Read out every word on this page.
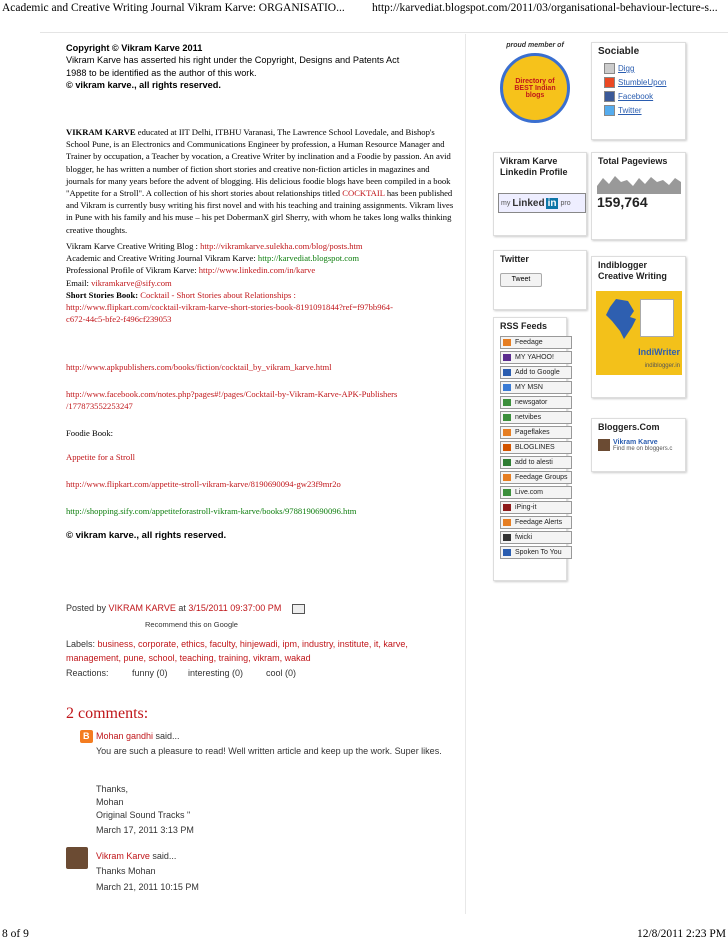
Academic and Creative Writing Journal Vikram Karve: ORGANISATIO... http://karvediat.blogspot.com/2011/03/organisational-behaviour-lecture-s...
Copyright © Vikram Karve 2011
Vikram Karve has asserted his right under the Copyright, Designs and Patents Act
1988 to be identified as the author of this work.
© vikram karve., all rights reserved.
VIKRAM KARVE educated at IIT Delhi, ITBHU Varanasi, The Lawrence School Lovedale, and Bishop's School Pune, is an Electronics and Communications Engineer by profession, a Human Resource Manager and Trainer by occupation, a Teacher by vocation, a Creative Writer by inclination and a Foodie by passion. An avid blogger, he has written a number of fiction short stories and creative non-fiction articles in magazines and journals for many years before the advent of blogging. His delicious foodie blogs have been compiled in a book "Appetite for a Stroll". A collection of his short stories about relationships titled COCKTAIL has been published and Vikram is currently busy writing his first novel and with his teaching and training assignments. Vikram lives in Pune with his family and his muse – his pet DobermanX girl Sherry, with whom he takes long walks thinking creative thoughts.
Vikram Karve Creative Writing Blog : http://vikramkarve.sulekha.com/blog/posts.htm
Academic and Creative Writing Journal Vikram Karve: http://karvediat.blogspot.com
Professional Profile of Vikram Karve: http://www.linkedin.com/in/karve
Email: vikramkarve@sify.com
Short Stories Book: Cocktail - Short Stories about Relationships :
http://www.flipkart.com/cocktail-vikram-karve-short-stories-book-8191091844?ref=f97bb964-
c672-44c5-bfe2-f496cf239053
http://www.apkpublishers.com/books/fiction/cocktail_by_vikram_karve.html
http://www.facebook.com/notes.php?pages#!/pages/Cocktail-by-Vikram-Karve-APK-Publishers
/177873552253247
Foodie Book:
Appetite for a Stroll
http://www.flipkart.com/appetite-stroll-vikram-karve/8190690094-gw23f9mr2o
http://shopping.sify.com/appetiteforastroll-vikram-karve/books/9788190690096.htm
© vikram karve., all rights reserved.
Posted by VIKRAM KARVE at 3/15/2011 09:37:00 PM
Recommend this on Google
Labels: business, corporate, ethics, faculty, hinjewadi, ipm, industry, institute, it, karve,
management, pune, school, teaching, training, vikram, wakad
Reactions:	funny (0) interesting (0)	cool (0)
2 comments:
B
Mohan gandhi said...
You are such a pleasure to read! Well written article and keep up the work. Super likes.
Thanks,
Mohan
Original Sound Tracks "
March 17, 2011 3:13 PM
Vikram Karve said...
Thanks Mohan
March 21, 2011 10:15 PM
proud member of
Directory of BEST Indian blogs
Sociable
Digg
StumbleUpon
Facebook
Twitter
Vikram Karve Linkedin Profile
my Linked in pro
Total Pageviews
159,764
Twitter
Tweet
Indiblogger Creative Writing
IndiWriter
indiblogger.in
RSS Feeds
Feedage
MY YAHOO!
Add to Google
MY MSN
newsgator
netvibes
Pageflakes
BLOGLINES
add to alesti
Feedage Groups
Live.com
iPing-it
Feedage Alerts
fwicki
Spoken To You
Bloggers.Com
Vikram Karve
Find me on bloggers.c
8 of 9	12/8/2011 2:23 PM
